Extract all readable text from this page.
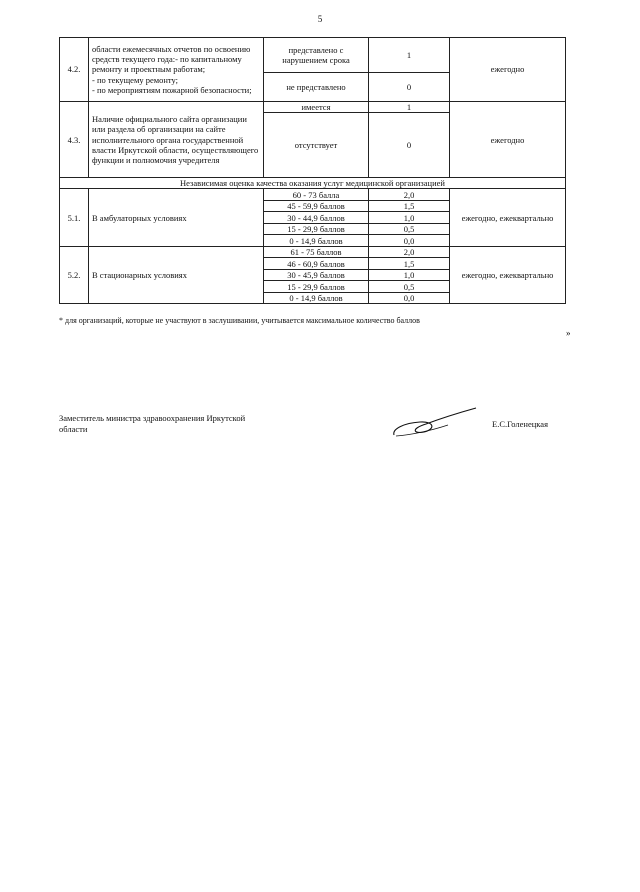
5
4.2.	области ежемесячных отчетов по освоению
средств текущего года:- по капитальному
ремонту и проектным работам;
- по текущему ремонту;
- по мероприятиям пожарной безопасности;	представлено с нарушением срока	1	ежегодно
		не представлено	0	
4.3.	Наличие официального сайта организации или раздела об организации на сайте исполнительного органа государственной власти Иркутской области, осуществляющего функции и полномочия учредителя	имеется	1	ежегодно
		отсутствует	0	
Независимая оценка качества оказания услуг медицинской организацией				
5.1.	В амбулаторных условиях	60 - 73 балла	2,0	ежегодно, ежеквартально
		45 - 59,9 баллов	1,5	
		30 - 44,9 баллов	1,0	
		15 - 29,9 баллов	0,5	
		0 - 14,9 баллов	0,0	
5.2.	В стационарных условиях	61 - 75 баллов	2,0	ежегодно, ежеквартально
		46 - 60,9 баллов	1,5	
		30 - 45,9 баллов	1,0	
		15 - 29,9 баллов	0,5	
		0 - 14,9 баллов	0,0	
* для организаций, которые не участвуют в заслушивании, учитывается максимальное количество баллов
»
Заместитель министра здравоохранения Иркутской
области	Е.С.Голенецкая
